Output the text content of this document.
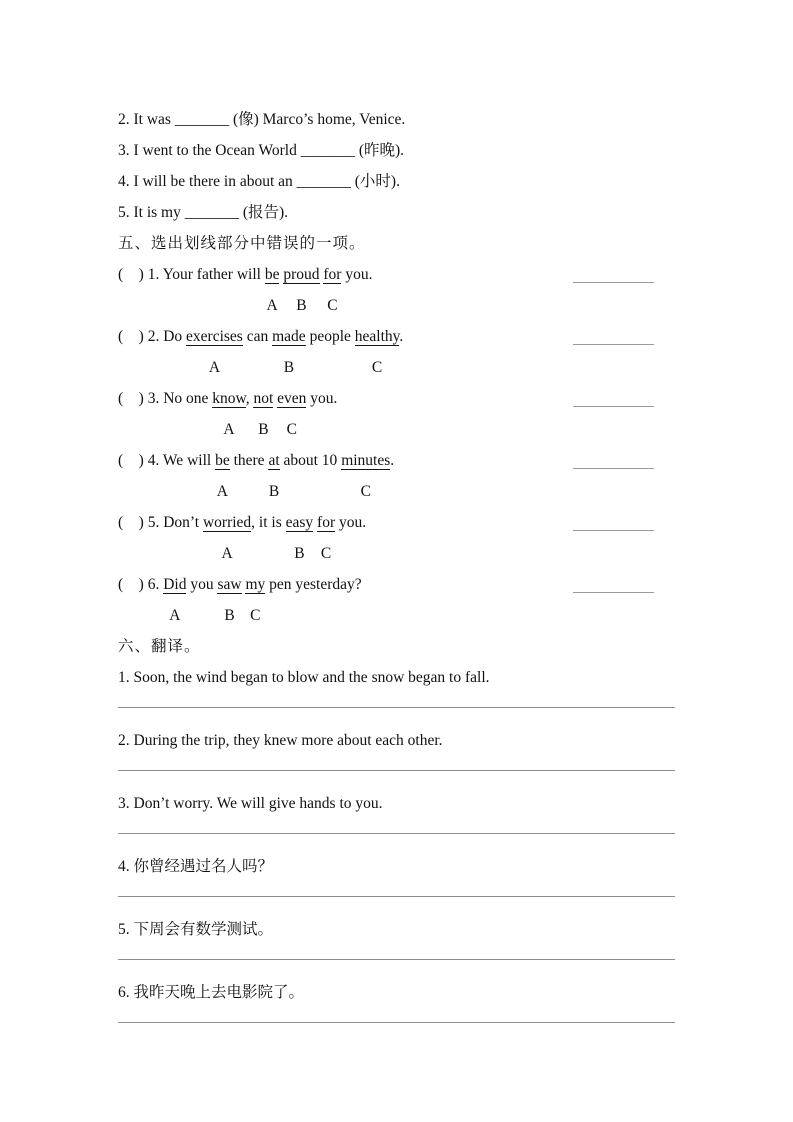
2. It was _______ (像) Marco’s home, Venice.
3. I went to the Ocean World _______ (昨晚).
4. I will be there in about an _______ (小时).
5. It is my _______ (报告).
五、选出划线部分中错误的一项。
(    ) 1. Your father will be proud for you.
A B C
(    ) 2. Do exercises can made people healthy.
A	B	C
(    ) 3. No one know, not even you.
A B C
(    ) 4. We will be there at about 10 minutes.
A	B	C
(    ) 5. Don’t worried, it is easy for you.
A	B C
(    ) 6. Did you saw my pen yesterday?
A	B C
六、翻译。
1. Soon, the wind began to blow and the snow began to fall.
2. During the trip, they knew more about each other.
3. Don’t worry. We will give hands to you.
4. 你曾经遇过名人吗？
5. 下周会有数学测试。
6. 我昨天晚上去电影院了。
